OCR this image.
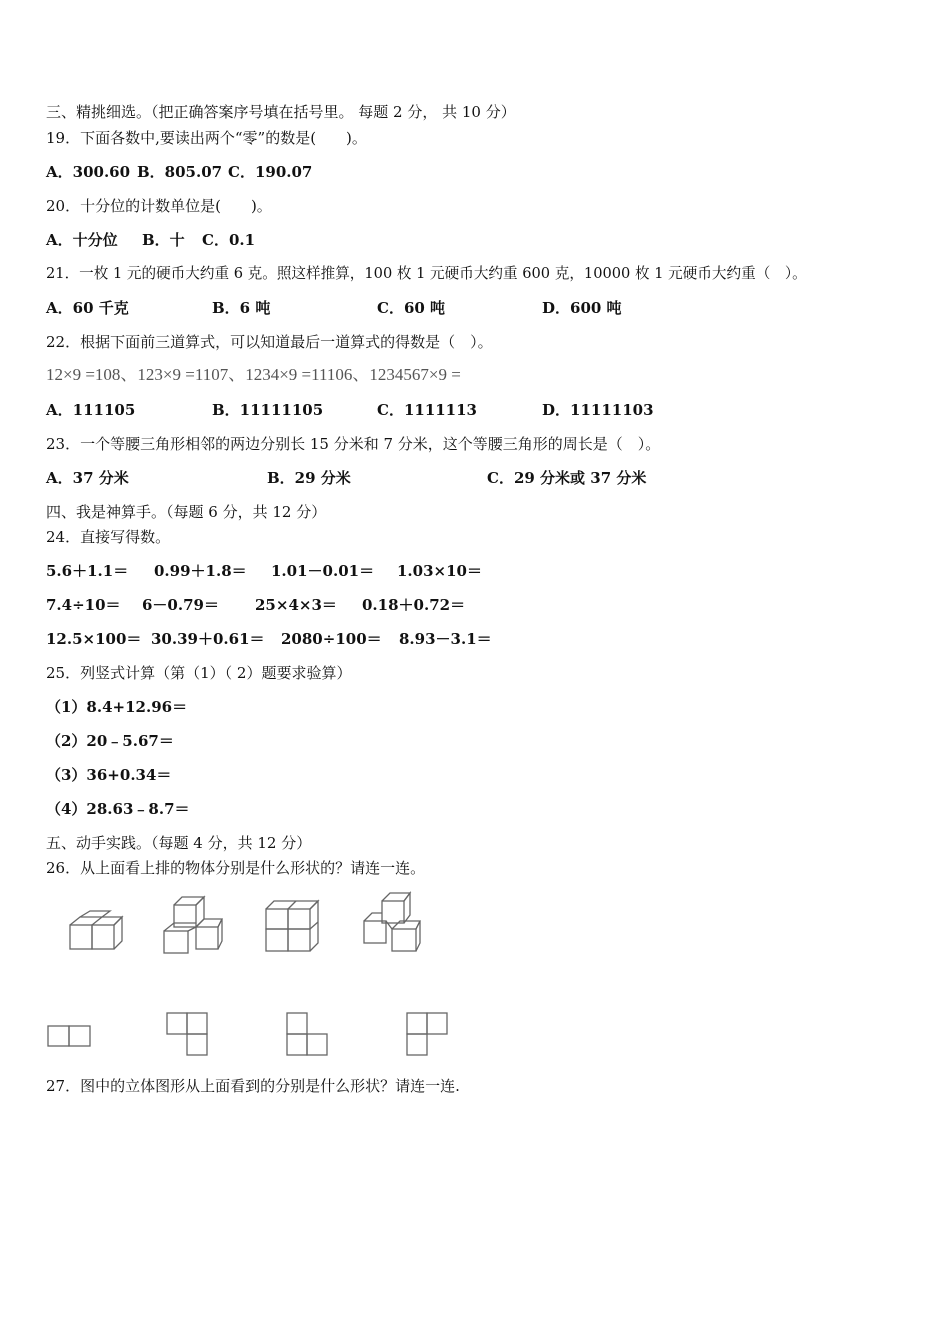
三、精挑细选。（把正确答案序号填在括号里。 每题 2 分， 共 10 分）
19．下面各数中,要读出两个“零”的数是(　　)。
A．300.60 B．805.07 C．190.07
20．十分位的计数单位是(　　)。
A．十分位 B．十 C．0.1
21．一枚 1 元的硬币大约重 6 克。照这样推算，100 枚 1 元硬币大约重 600 克，10000 枚 1 元硬币大约重（　）。
A．60 千克	B．6 吨	C．60 吨	D．600 吨
22．根据下面前三道算式，可以知道最后一道算式的得数是（　）。
12×9 =108、123×9 =1107、1234×9 =11106、1234567×9 =
A．111105	B．11111105	C．1111113	D．11111103
23．一个等腰三角形相邻的两边分别长 15 分米和 7 分米，这个等腰三角形的周长是（　）。
A．37 分米	B．29 分米	C．29 分米或 37 分米
四、我是神算手。（每题 6 分，共 12 分）
24．直接写得数。
5.6＋1.1＝ 0.99＋1.8＝ 1.01－0.01＝ 1.03×10＝
7.4÷10＝ 6－0.79＝ 25×4×3＝ 0.18＋0.72＝
12.5×100＝ 30.39＋0.61＝ 2080÷100＝ 8.93－3.1＝
25．列竖式计算（第（1）（ 2）题要求验算）
（1）8.4+12.96＝
（2）20﹣5.67＝
（3）36+0.34＝
（4）28.63﹣8.7＝
五、动手实践。（每题 4 分，共 12 分）
26．从上面看上排的物体分别是什么形状的？请连一连。
27．图中的立体图形从上面看到的分别是什么形状？请连一连.
